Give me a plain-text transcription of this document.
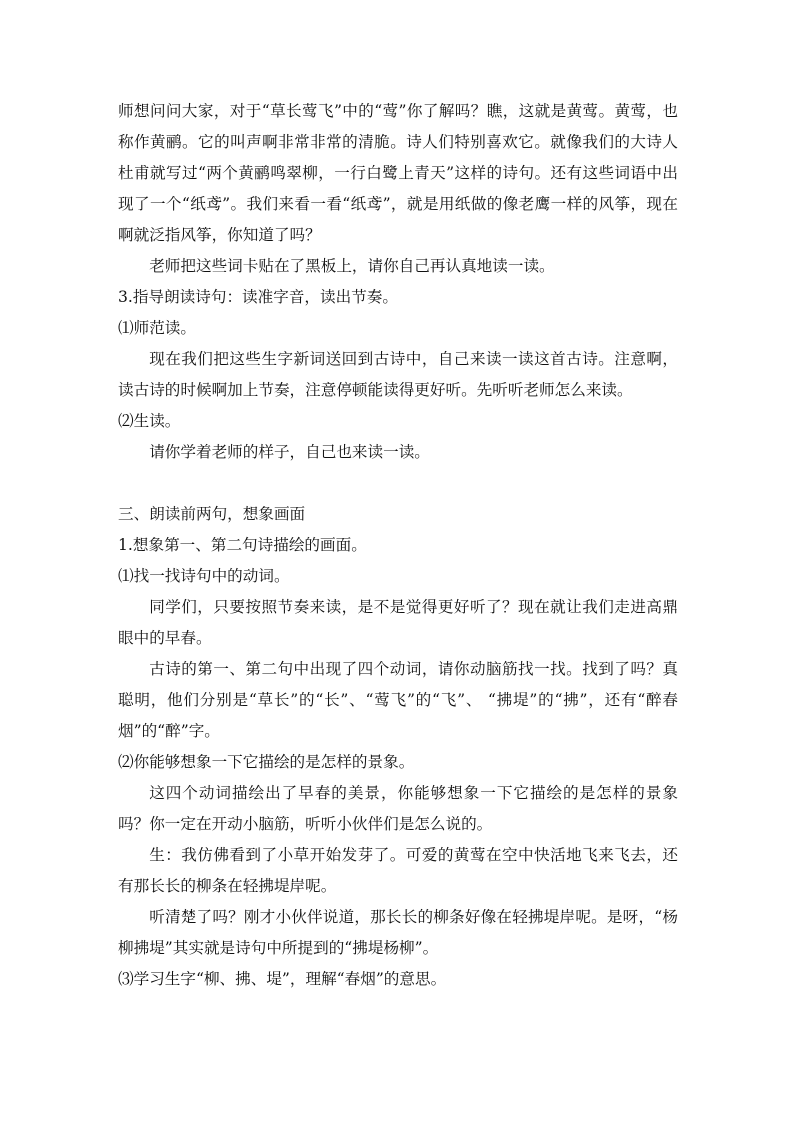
师想问问大家，对于“草长莺飞”中的“莺”你了解吗？瞧，这就是黄莺。黄莺，也称作黄鹂。它的叫声啊非常非常的清脆。诗人们特别喜欢它。就像我们的大诗人杜甫就写过“两个黄鹂鸣翠柳，一行白鹭上青天”这样的诗句。还有这些词语中出现了一个“纸鸢”。我们来看一看“纸鸢”，就是用纸做的像老鹰一样的风筝，现在啊就泛指风筝，你知道了吗？

老师把这些词卡贴在了黑板上，请你自己再认真地读一读。

3.指导朗读诗句：读准字音，读出节奏。

⑴师范读。

现在我们把这些生字新词送回到古诗中，自己来读一读这首古诗。注意啊，读古诗的时候啊加上节奏，注意停顿能读得更好听。先听听老师怎么来读。

⑵生读。

请你学着老师的样子，自己也来读一读。

三、朗读前两句，想象画面

1.想象第一、第二句诗描绘的画面。

⑴找一找诗句中的动词。

同学们，只要按照节奏来读，是不是觉得更好听了？现在就让我们走进高鼎眼中的早春。

古诗的第一、第二句中出现了四个动词，请你动脑筋找一找。找到了吗？真聪明，他们分别是“草长”的“长”、“莺飞”的“飞”、 “拂堤”的“拂”，还有“醉春烟”的“醉”字。

⑵你能够想象一下它描绘的是怎样的景象。

这四个动词描绘出了早春的美景，你能够想象一下它描绘的是怎样的景象吗？你一定在开动小脑筋，听听小伙伴们是怎么说的。

生：我仿佛看到了小草开始发芽了。可爱的黄莺在空中快活地飞来飞去，还有那长长的柳条在轻拂堤岸呢。

听清楚了吗？刚才小伙伴说道，那长长的柳条好像在轻拂堤岸呢。是呀，“杨柳拂堤”其实就是诗句中所提到的“拂堤杨柳”。

⑶学习生字“柳、拂、堤”，理解“春烟”的意思。
